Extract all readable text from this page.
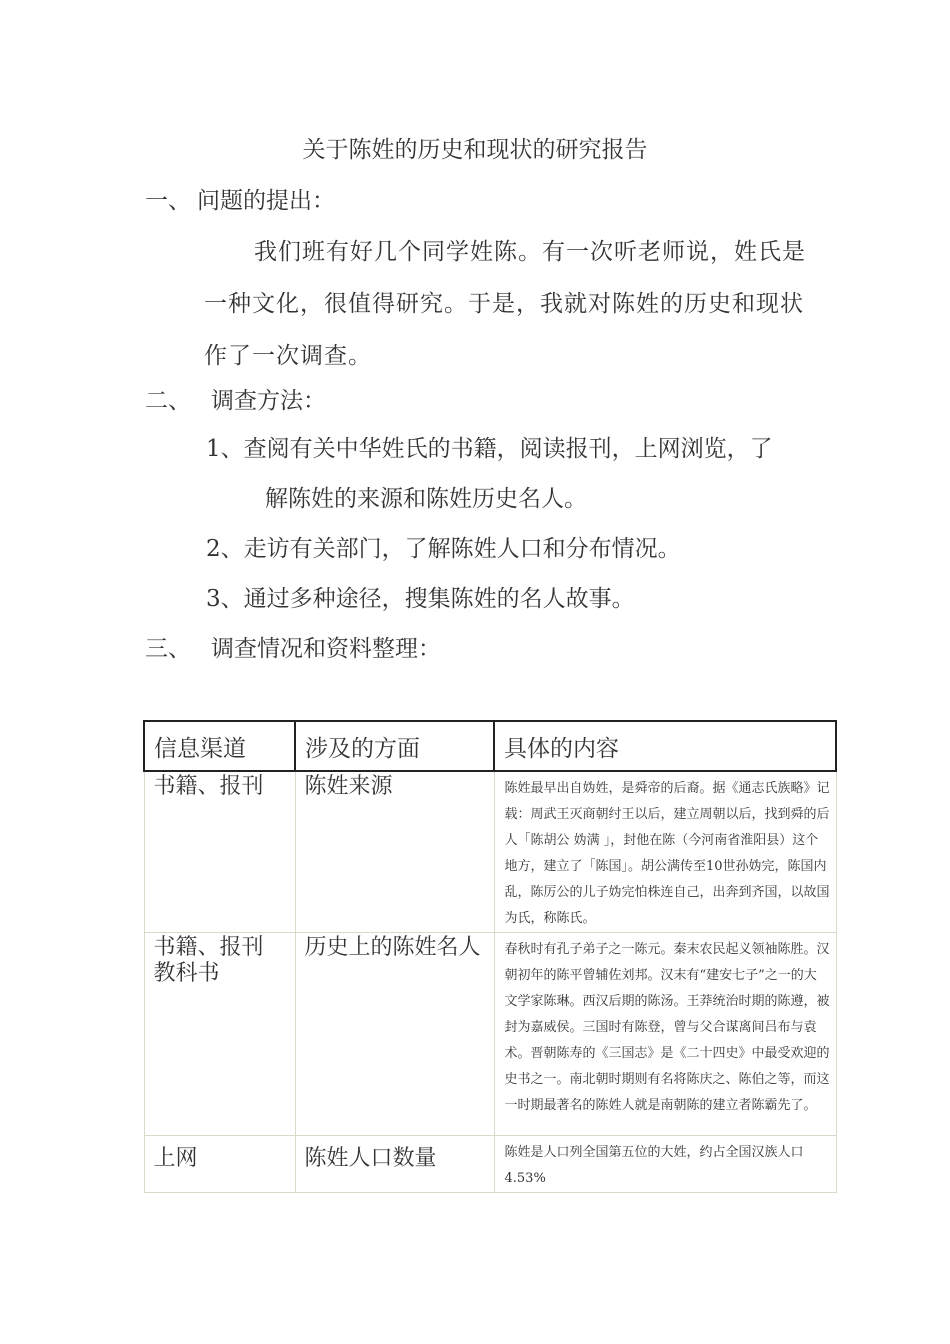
关于陈姓的历史和现状的研究报告
一、 问题的提出：

我们班有好几个同学姓陈。有一次听老师说，姓氏是一种文化，很值得研究。于是，我就对陈姓的历史和现状作了一次调查。

二、 调查方法：

1、查阅有关中华姓氏的书籍，阅读报刊，上网浏览，了

解陈姓的来源和陈姓历史名人。

2、走访有关部门，了解陈姓人口和分布情况。

3、通过多种途径，搜集陈姓的名人故事。

三、 调查情况和资料整理：
信息渠道	涉及的方面	具体的内容

书籍、报刊	陈姓来源	陈姓最早出自妫姓，是舜帝的后裔。据《通志氏族略》记载：周武王灭商朝纣王以后，建立周朝以后，找到舜的后人「陈胡公 妫满 」，封他在陈（今河南省淮阳县）这个地方，建立了「陈国」。胡公满传至10世孙妫完，陈国内乱，陈厉公的儿子妫完怕株连自己，出奔到齐国，以故国为氏，称陈氏。

书籍、报刊
教科书	历史上的陈姓名人	春秋时有孔子弟子之一陈元。秦末农民起义领袖陈胜。汉朝初年的陈平曾辅佐刘邦。汉末有“建安七子”之一的大文学家陈琳。西汉后期的陈汤。王莽统治时期的陈遵，被封为嘉威侯。三国时有陈登，曾与父合谋离间吕布与袁术。晋朝陈寿的《三国志》是《二十四史》中最受欢迎的史书之一。南北朝时期则有名将陈庆之、陈伯之等，而这一时期最著名的陈姓人就是南朝陈的建立者陈霸先了。

上网	陈姓人口数量	陈姓是人口列全国第五位的大姓，约占全国汉族人口4.53%
